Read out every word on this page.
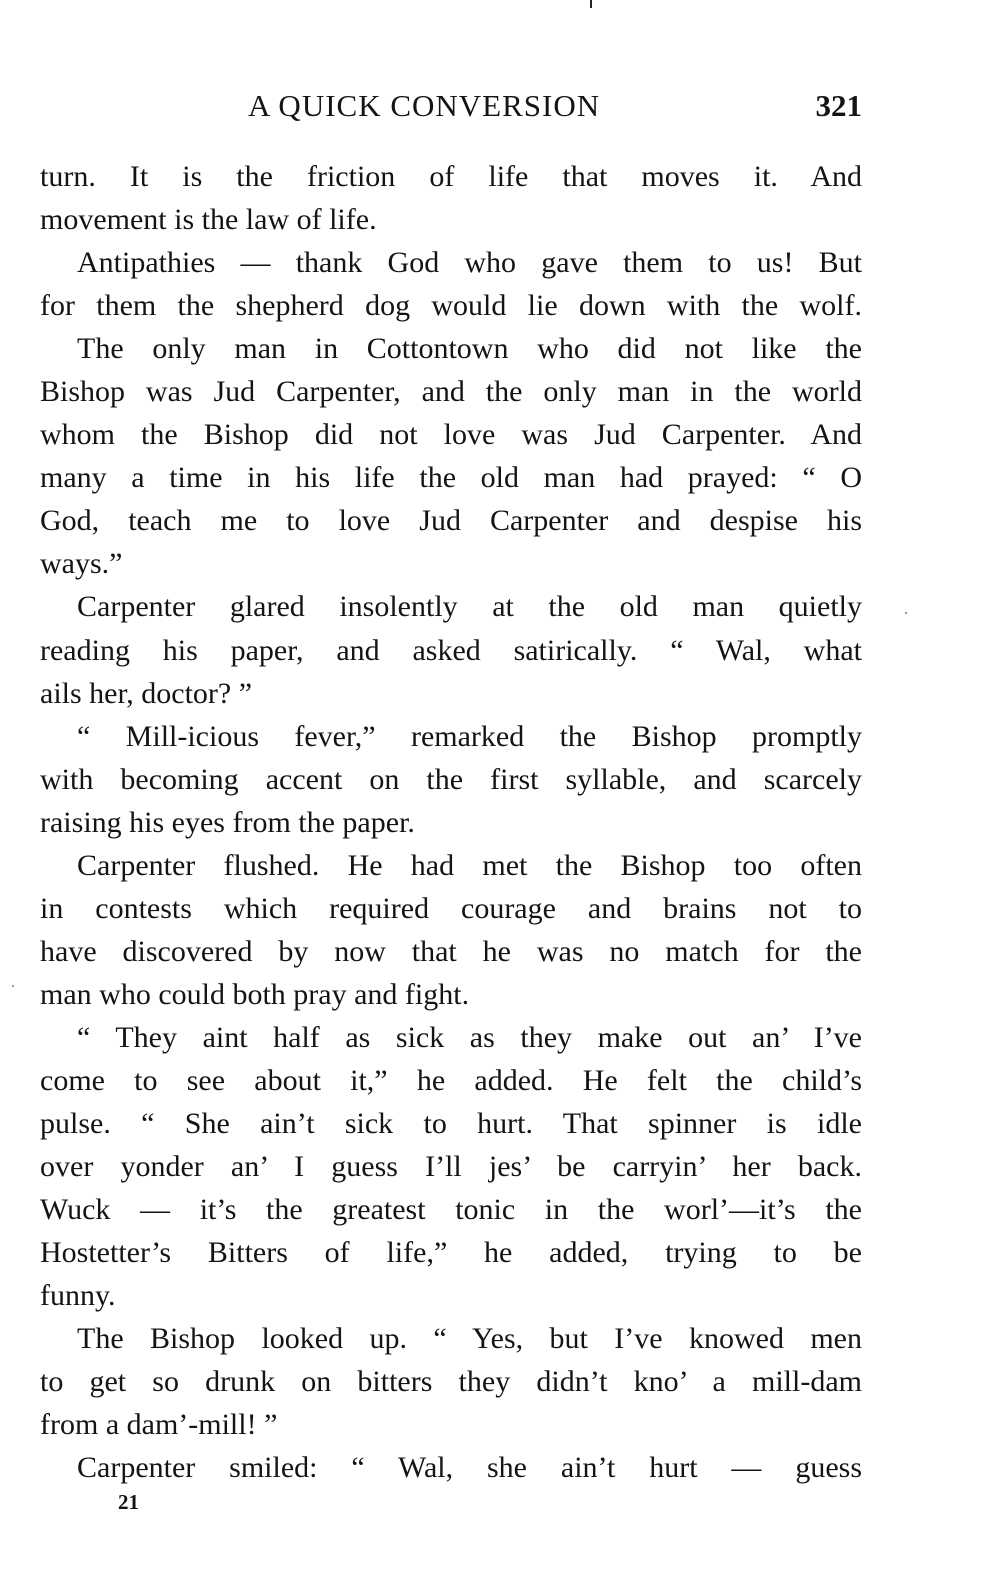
A QUICK CONVERSION	321
turn. It is the friction of life that moves it. And
movement is the law of life.
Antipathies — thank God who gave them to us! But
for them the shepherd dog would lie down with the wolf.
The only man in Cottontown who did not like the
Bishop was Jud Carpenter, and the only man in the world
whom the Bishop did not love was Jud Carpenter. And
many a time in his life the old man had prayed: “ O
God, teach me to love Jud Carpenter and despise his
ways.”
Carpenter glared insolently at the old man quietly
reading his paper, and asked satirically. “ Wal, what
ails her, doctor? ”
“ Mill-icious fever,” remarked the Bishop promptly
with becoming accent on the first syllable, and scarcely
raising his eyes from the paper.
Carpenter flushed. He had met the Bishop too often
in contests which required courage and brains not to
have discovered by now that he was no match for the
man who could both pray and fight.
“ They aint half as sick as they make out an’ I’ve
come to see about it,” he added. He felt the child’s
pulse. “ She ain’t sick to hurt. That spinner is idle
over yonder an’ I guess I’ll jes’ be carryin’ her back.
Wuck — it’s the greatest tonic in the worl’—it’s the
Hostetter’s Bitters of life,” he added, trying to be
funny.
The Bishop looked up. “ Yes, but I’ve knowed men
to get so drunk on bitters they didn’t kno’ a mill-dam
from a dam’-mill! ”
Carpenter smiled: “ Wal, she ain’t hurt — guess
21
